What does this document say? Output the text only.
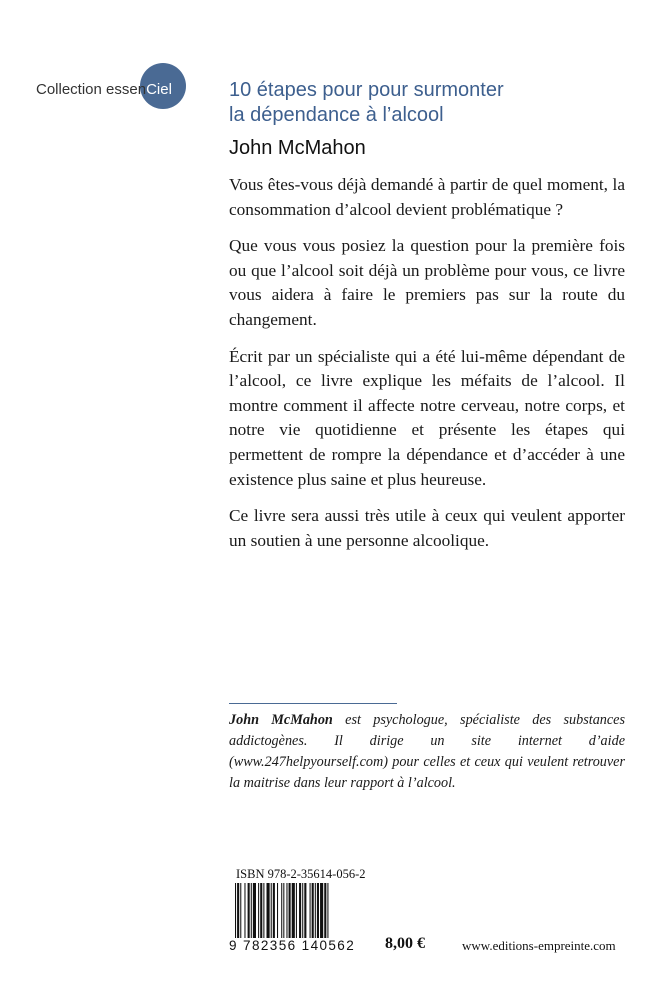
Collection essen Ciel	10 étapes pour pour surmonter
la dépendance à l’alcool
John McMahon

Vous êtes-vous déjà demandé à partir de quel moment, la consommation d’alcool devient problématique ?

Que vous vous posiez la question pour la première fois ou que l’alcool soit déjà un problème pour vous, ce livre vous aidera à faire le premiers pas sur la route du changement.

Écrit par un spécialiste qui a été lui-même dépendant de l’alcool, ce livre explique les méfaits de l’alcool. Il montre comment il affecte notre cerveau, notre corps, et notre vie quotidienne et présente les étapes qui permettent de rompre la dépendance et d’accéder à une existence plus saine et plus heureuse.

Ce livre sera aussi très utile à ceux qui veulent apporter un soutien à une personne alcoolique.

John McMahon est psychologue, spécialiste des substances addictogènes. Il dirige un site internet d’aide (www.247helpyourself.com) pour celles et ceux qui veulent retrouver la maitrise dans leur rapport à l’alcool.

ISBN 978-2-35614-056-2
9 782356 140562	8,00 €	www.editions-empreinte.com
